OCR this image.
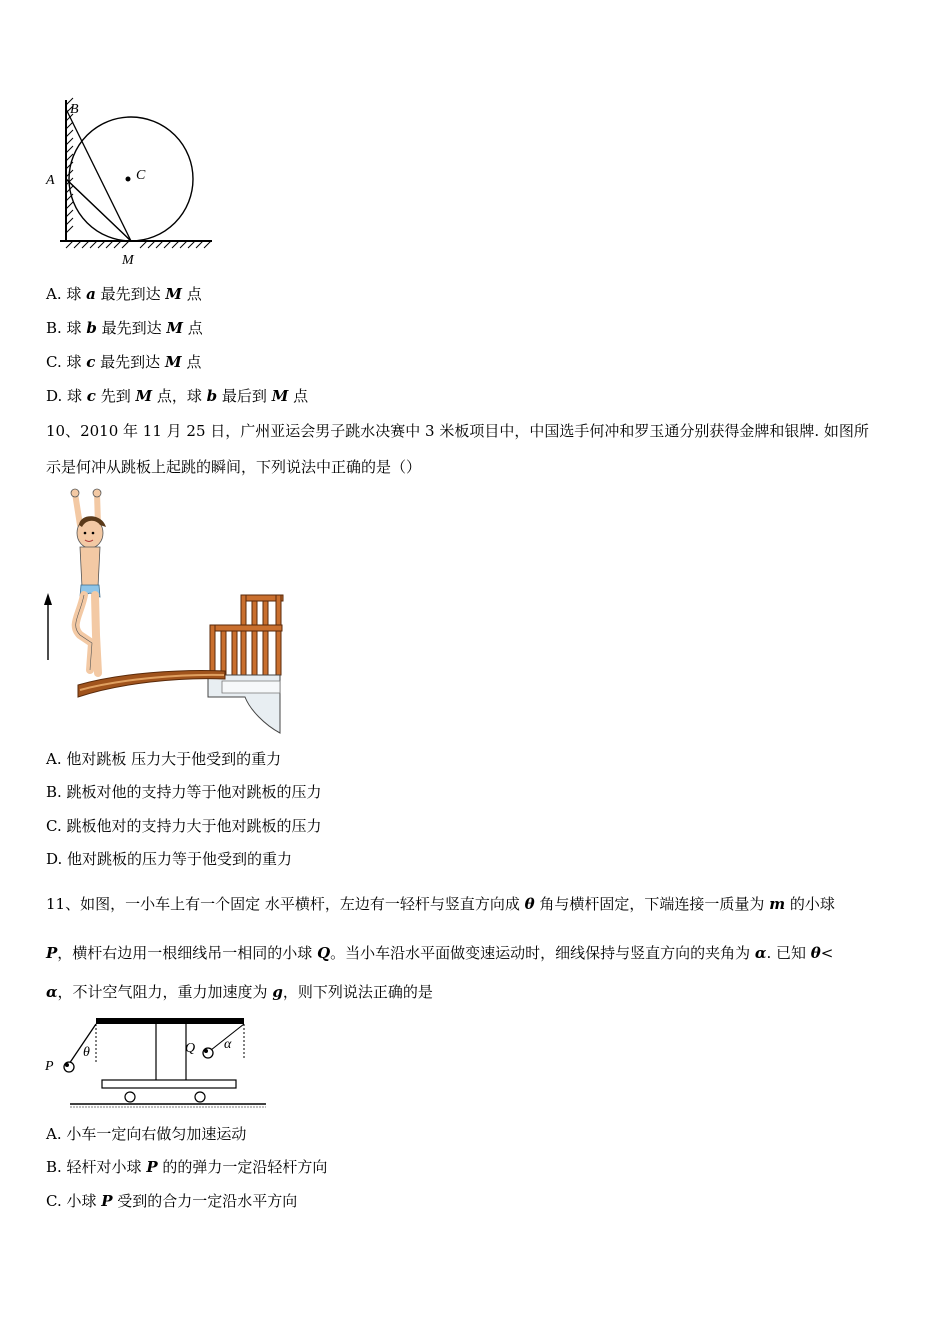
B
A	C
M
A. 球 a 最先到达 M 点
B. 球 b 最先到达 M 点
C. 球 c 最先到达 M 点
D. 球 c 先到 M 点，球 b 最后到 M 点
10、2010 年 11 月 25 日，广州亚运会男子跳水决赛中 3 米板项目中，中国选手何冲和罗玉通分别获得金牌和银牌. 如图所
示是何冲从跳板上起跳的瞬间，下列说法中正确的是（）
A. 他对跳板 压力大于他受到的重力
B. 跳板对他的支持力等于他对跳板的压力
C. 跳板他对的支持力大于他对跳板的压力
D. 他对跳板的压力等于他受到的重力
11、如图，一小车上有一个固定 水平横杆，左边有一轻杆与竖直方向成 θ 角与横杆固定，下端连接一质量为 m 的小球
P，横杆右边用一根细线吊一相同的小球 Q。当小车沿水平面做变速运动时，细线保持与竖直方向的夹角为 α. 已知 θ<
α，不计空气阻力，重力加速度为 g，则下列说法正确的是
P
Q
θ
α
A. 小车一定向右做匀加速运动
B. 轻杆对小球 P 的的弹力一定沿轻杆方向
C. 小球 P 受到的合力一定沿水平方向
